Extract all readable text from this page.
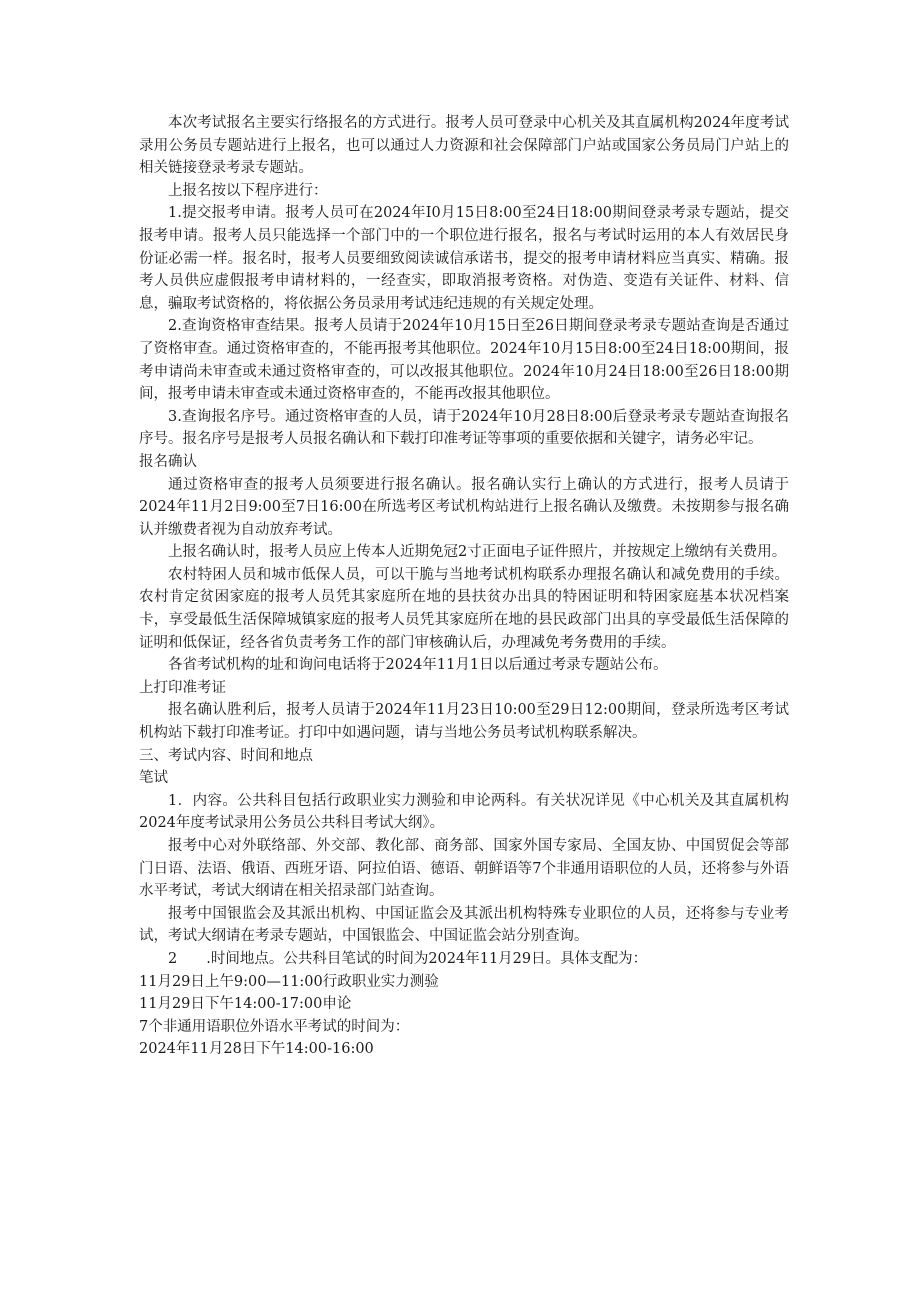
本次考试报名主要实行络报名的方式进行。报考人员可登录中心机关及其直属机构2024年度考试录用公务员专题站进行上报名，也可以通过人力资源和社会保障部门户站或国家公务员局门户站上的相关链接登录考录专题站。

上报名按以下程序进行：

1.提交报考申请。报考人员可在2024年I0月15日8:00至24日18:00期间登录考录专题站，提交报考申请。报考人员只能选择一个部门中的一个职位进行报名，报名与考试时运用的本人有效居民身份证必需一样。报名时，报考人员要细致阅读诚信承诺书，提交的报考申请材料应当真实、精确。报考人员供应虚假报考申请材料的，一经查实，即取消报考资格。对伪造、变造有关证件、材料、信息，骗取考试资格的，将依据公务员录用考试违纪违规的有关规定处理。

2.查询资格审查结果。报考人员请于2024年10月15日至26日期间登录考录专题站查询是否通过了资格审查。通过资格审查的，不能再报考其他职位。2024年10月15日8:00至24日18:00期间，报考申请尚未审查或未通过资格审查的，可以改报其他职位。2024年10月24日18:00至26日18:00期间，报考申请未审查或未通过资格审查的，不能再改报其他职位。

3.查询报名序号。通过资格审查的人员，请于2024年10月28日8:00后登录考录专题站查询报名序号。报名序号是报考人员报名确认和下载打印准考证等事项的重要依据和关键字，请务必牢记。

报名确认

通过资格审查的报考人员须要进行报名确认。报名确认实行上确认的方式进行，报考人员请于2024年11月2日9:00至7日16:00在所选考区考试机构站进行上报名确认及缴费。未按期参与报名确认并缴费者视为自动放弃考试。

上报名确认时，报考人员应上传本人近期免冠2寸正面电子证件照片，并按规定上缴纳有关费用。

农村特困人员和城市低保人员，可以干脆与当地考试机构联系办理报名确认和减免费用的手续。农村肯定贫困家庭的报考人员凭其家庭所在地的县扶贫办出具的特困证明和特困家庭基本状况档案卡，享受最低生活保障城镇家庭的报考人员凭其家庭所在地的县民政部门出具的享受最低生活保障的证明和低保证，经各省负责考务工作的部门审核确认后，办理减免考务费用的手续。

各省考试机构的址和询问电话将于2024年11月1日以后通过考录专题站公布。

上打印准考证

报名确认胜利后，报考人员请于2024年11月23日10:00至29日12:00期间，登录所选考区考试机构站下载打印准考证。打印中如遇问题，请与当地公务员考试机构联系解决。

三、考试内容、时间和地点

笔试

1．内容。公共科目包括行政职业实力测验和申论两科。有关状况详见《中心机关及其直属机构2024年度考试录用公务员公共科目考试大纲》。

报考中心对外联络部、外交部、教化部、商务部、国家外国专家局、全国友协、中国贸促会等部门日语、法语、俄语、西班牙语、阿拉伯语、德语、朝鲜语等7个非通用语职位的人员，还将参与外语水平考试，考试大纲请在相关招录部门站查询。

报考中国银监会及其派出机构、中国证监会及其派出机构特殊专业职位的人员，还将参与专业考试，考试大纲请在考录专题站，中国银监会、中国证监会站分别查询。

2　　.时间地点。公共科目笔试的时间为2024年11月29日。具体支配为：

11月29日上午9:00—11:00行政职业实力测验

11月29日下午14:00-17:00申论

7个非通用语职位外语水平考试的时间为：

2024年11月28日下午14:00-16:00
